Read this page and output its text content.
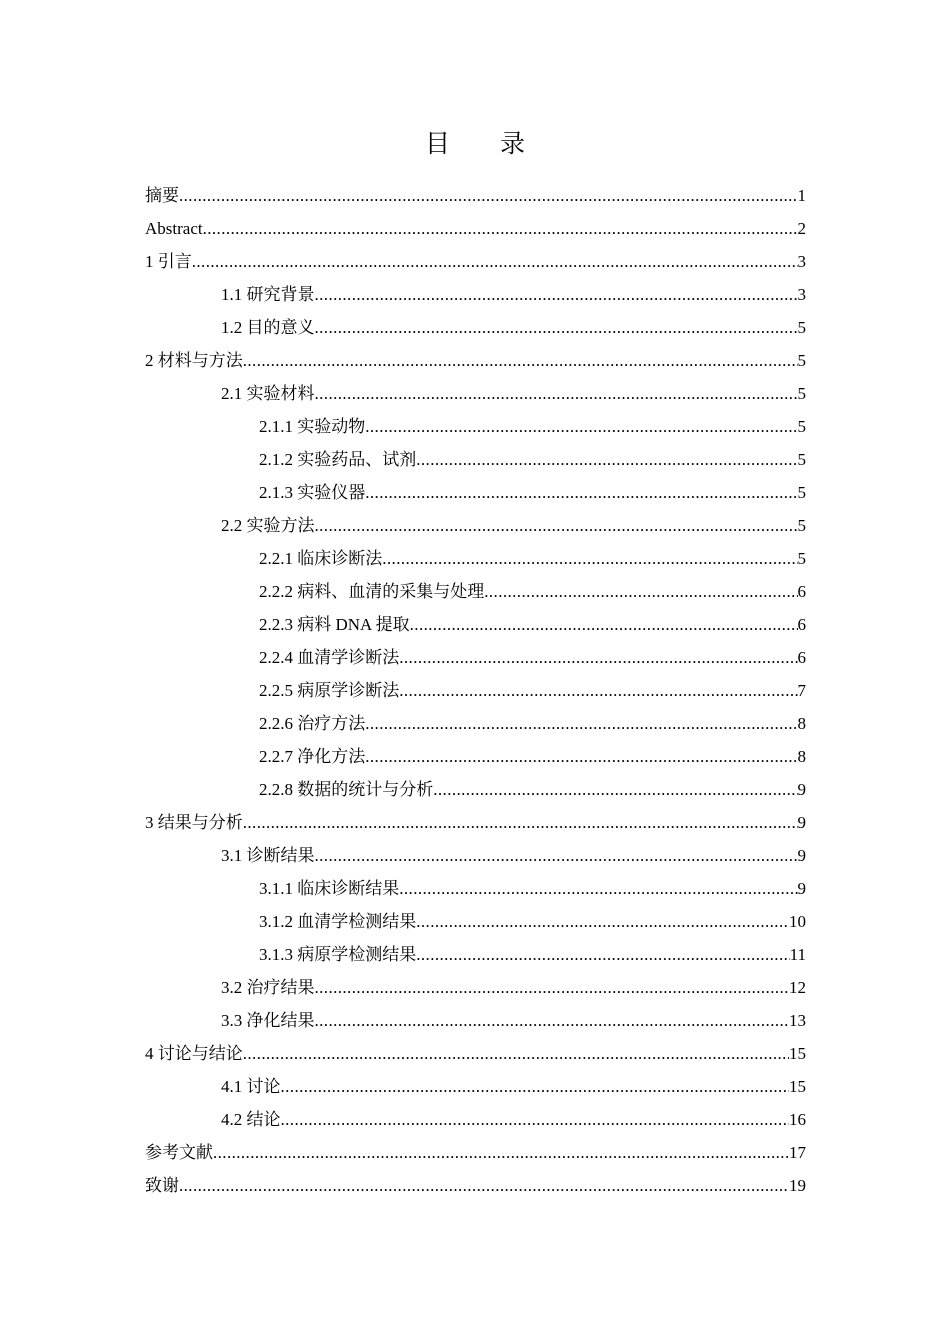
目 录
摘要 .....	1
Abstract .....	2
1 引言 .....	3
1.1 研究背景 .....	3
1.2 目的意义 .....	5
2 材料与方法 .....	5
2.1 实验材料 .....	5
2.1.1 实验动物 .....	5
2.1.2 实验药品、试剂 .....	5
2.1.3 实验仪器 .....	5
2.2 实验方法 .....	5
2.2.1 临床诊断法 .....	5
2.2.2 病料、血清的采集与处理 .....	6
2.2.3 病料 DNA 提取 .....	6
2.2.4 血清学诊断法 .....	6
2.2.5 病原学诊断法 .....	7
2.2.6 治疗方法 .....	8
2.2.7 净化方法 .....	8
2.2.8 数据的统计与分析 .....	9
3 结果与分析 .....	9
3.1 诊断结果 .....	9
3.1.1 临床诊断结果 .....	9
3.1.2 血清学检测结果 .....	10
3.1.3 病原学检测结果 .....	11
3.2 治疗结果 .....	12
3.3 净化结果 .....	13
4 讨论与结论 .....	15
4.1 讨论 .....	15
4.2 结论 .....	16
参考文献 .....	17
致谢 .....	19
